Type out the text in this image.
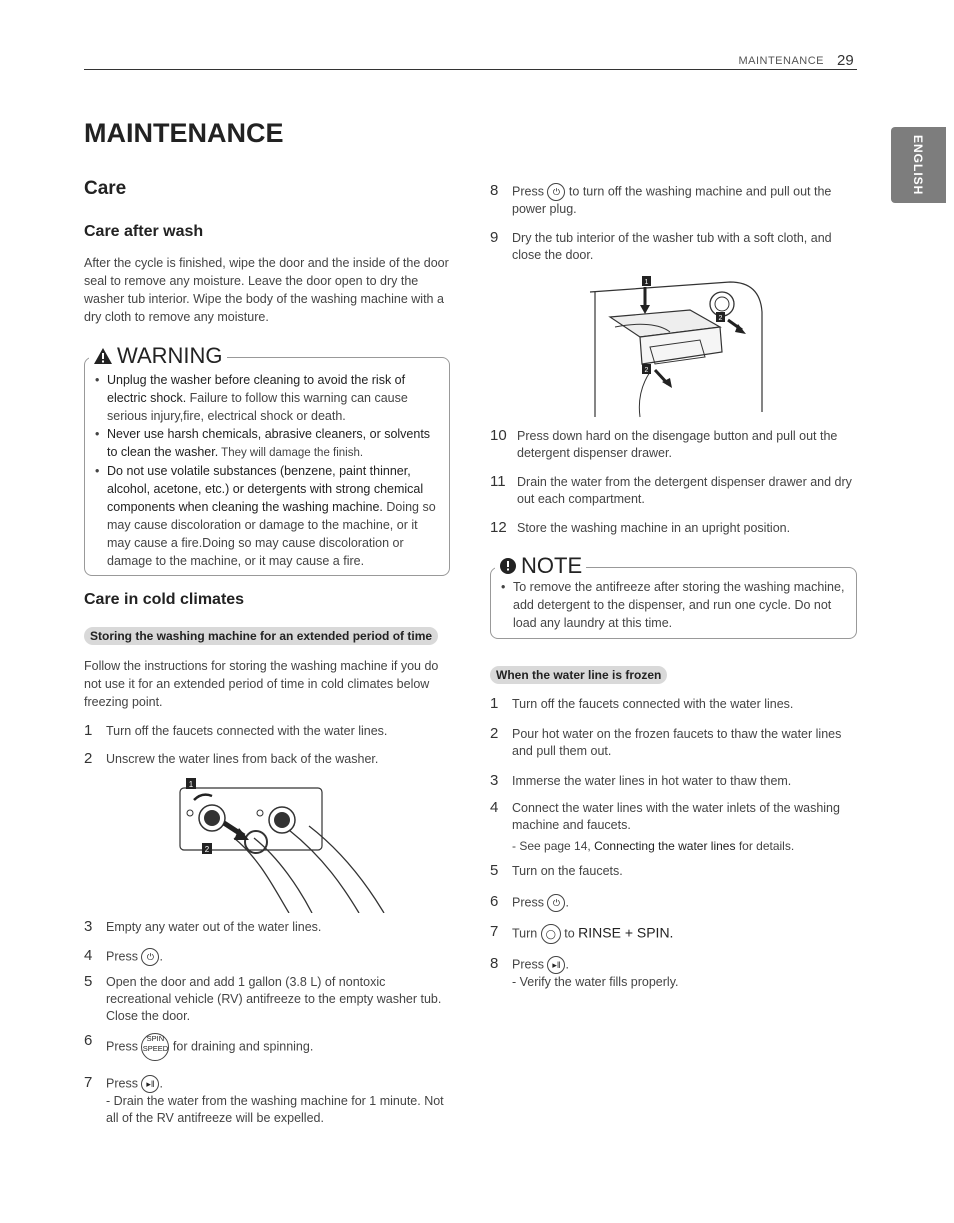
MAINTENANCE 29
ENGLISH
MAINTENANCE
Care
Care after wash

After the cycle is finished, wipe the door and the inside of the door seal to remove any moisture. Leave the door open to dry the washer tub interior. Wipe the body of the washing machine with a dry cloth to remove any moisture.

WARNING
• Unplug the washer before cleaning to avoid the risk of electric shock. Failure to follow this warning can cause serious injury,fire, electrical shock or death.
• Never use harsh chemicals, abrasive cleaners, or solvents to clean the washer. They will damage the finish.
• Do not use volatile substances (benzene, paint thinner, alcohol, acetone, etc.) or detergents with strong chemical components when cleaning the washing machine. Doing so may cause discoloration or damage to the machine, or it may cause a fire.Doing so may cause discoloration or damage to the machine, or it may cause a fire.
Care in cold climates
Storing the washing machine for an extended period of time

Follow the instructions for storing the washing machine if you do not use it for an extended period of time in cold climates below freezing point.

1 Turn off the faucets connected with the water lines.
2 Unscrew the water lines from back of the washer.
1
2
3 Empty any water out of the water lines.
4 Press ⏻ .
5 Open the door and add 1 gallon (3.8 L) of nontoxic recreational vehicle (RV) antifreeze to the empty washer tub. Close the door.
6 Press SPIN SPEED for draining and spinning.
7 Press ▸‖ .
- Drain the water from the washing machine for 1 minute. Not all of the RV antifreeze will be expelled.
8 Press ⏻ to turn off the washing machine and pull out the power plug.
9 Dry the tub interior of the washer tub with a soft cloth, and close the door.
1
2
2
10 Press down hard on the disengage button and pull out the detergent dispenser drawer.
11 Drain the water from the detergent dispenser drawer and dry out each compartment.
12 Store the washing machine in an upright position.
NOTE
• To remove the antifreeze after storing the washing machine, add detergent to the dispenser, and run one cycle. Do not load any laundry at this time.
When the water line is frozen
1 Turn off the faucets connected with the water lines.
2 Pour hot water on the frozen faucets to thaw the water lines and pull them out.
3 Immerse the water lines in hot water to thaw them.
4 Connect the water lines with the water inlets of the washing machine and faucets.
- See page 14, Connecting the water lines for details.
5 Turn on the faucets.
6 Press ⏻ .
7 Turn ◯ to RINSE + SPIN.
8 Press ▸‖ .
- Verify the water fills properly.
